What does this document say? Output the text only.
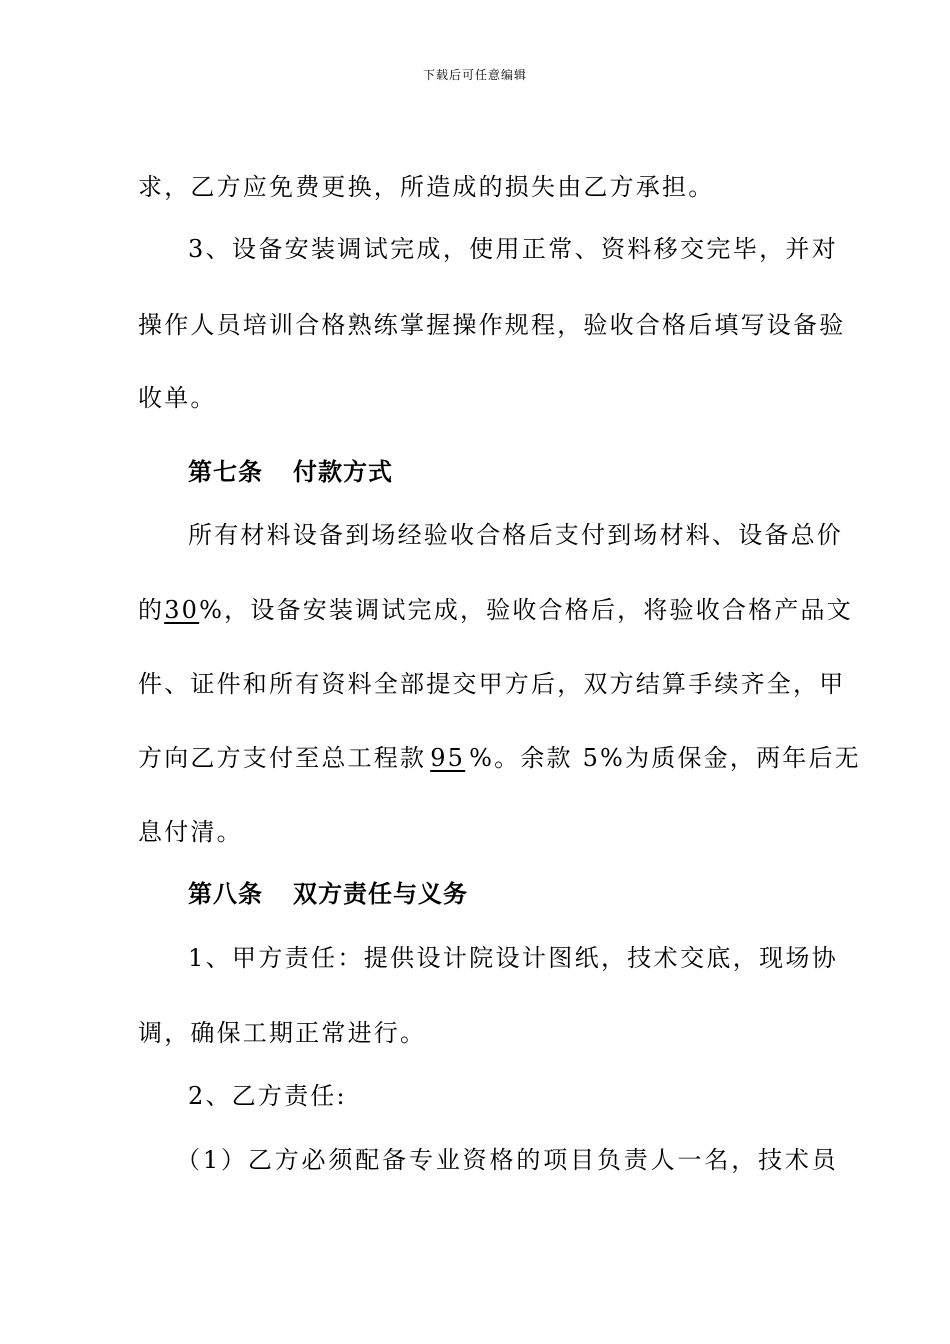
下载后可任意编辑
求，乙方应免费更换，所造成的损失由乙方承担。
3、设备安装调试完成，使用正常、资料移交完毕，并对
操作人员培训合格熟练掌握操作规程，验收合格后填写设备验
收单。
第七条 付款方式
所有材料设备到场经验收合格后支付到场材料、设备总价
的30%，设备安装调试完成，验收合格后，将验收合格产品文
件、证件和所有资料全部提交甲方后，双方结算手续齐全，甲
方向乙方支付至总工程款 95 %。余款 5%为质保金，两年后无
息付清。
第八条 双方责任与义务
1、甲方责任：提供设计院设计图纸，技术交底，现场协
调，确保工期正常进行。
2、乙方责任:
（1）乙方必须配备专业资格的项目负责人一名，技术员
